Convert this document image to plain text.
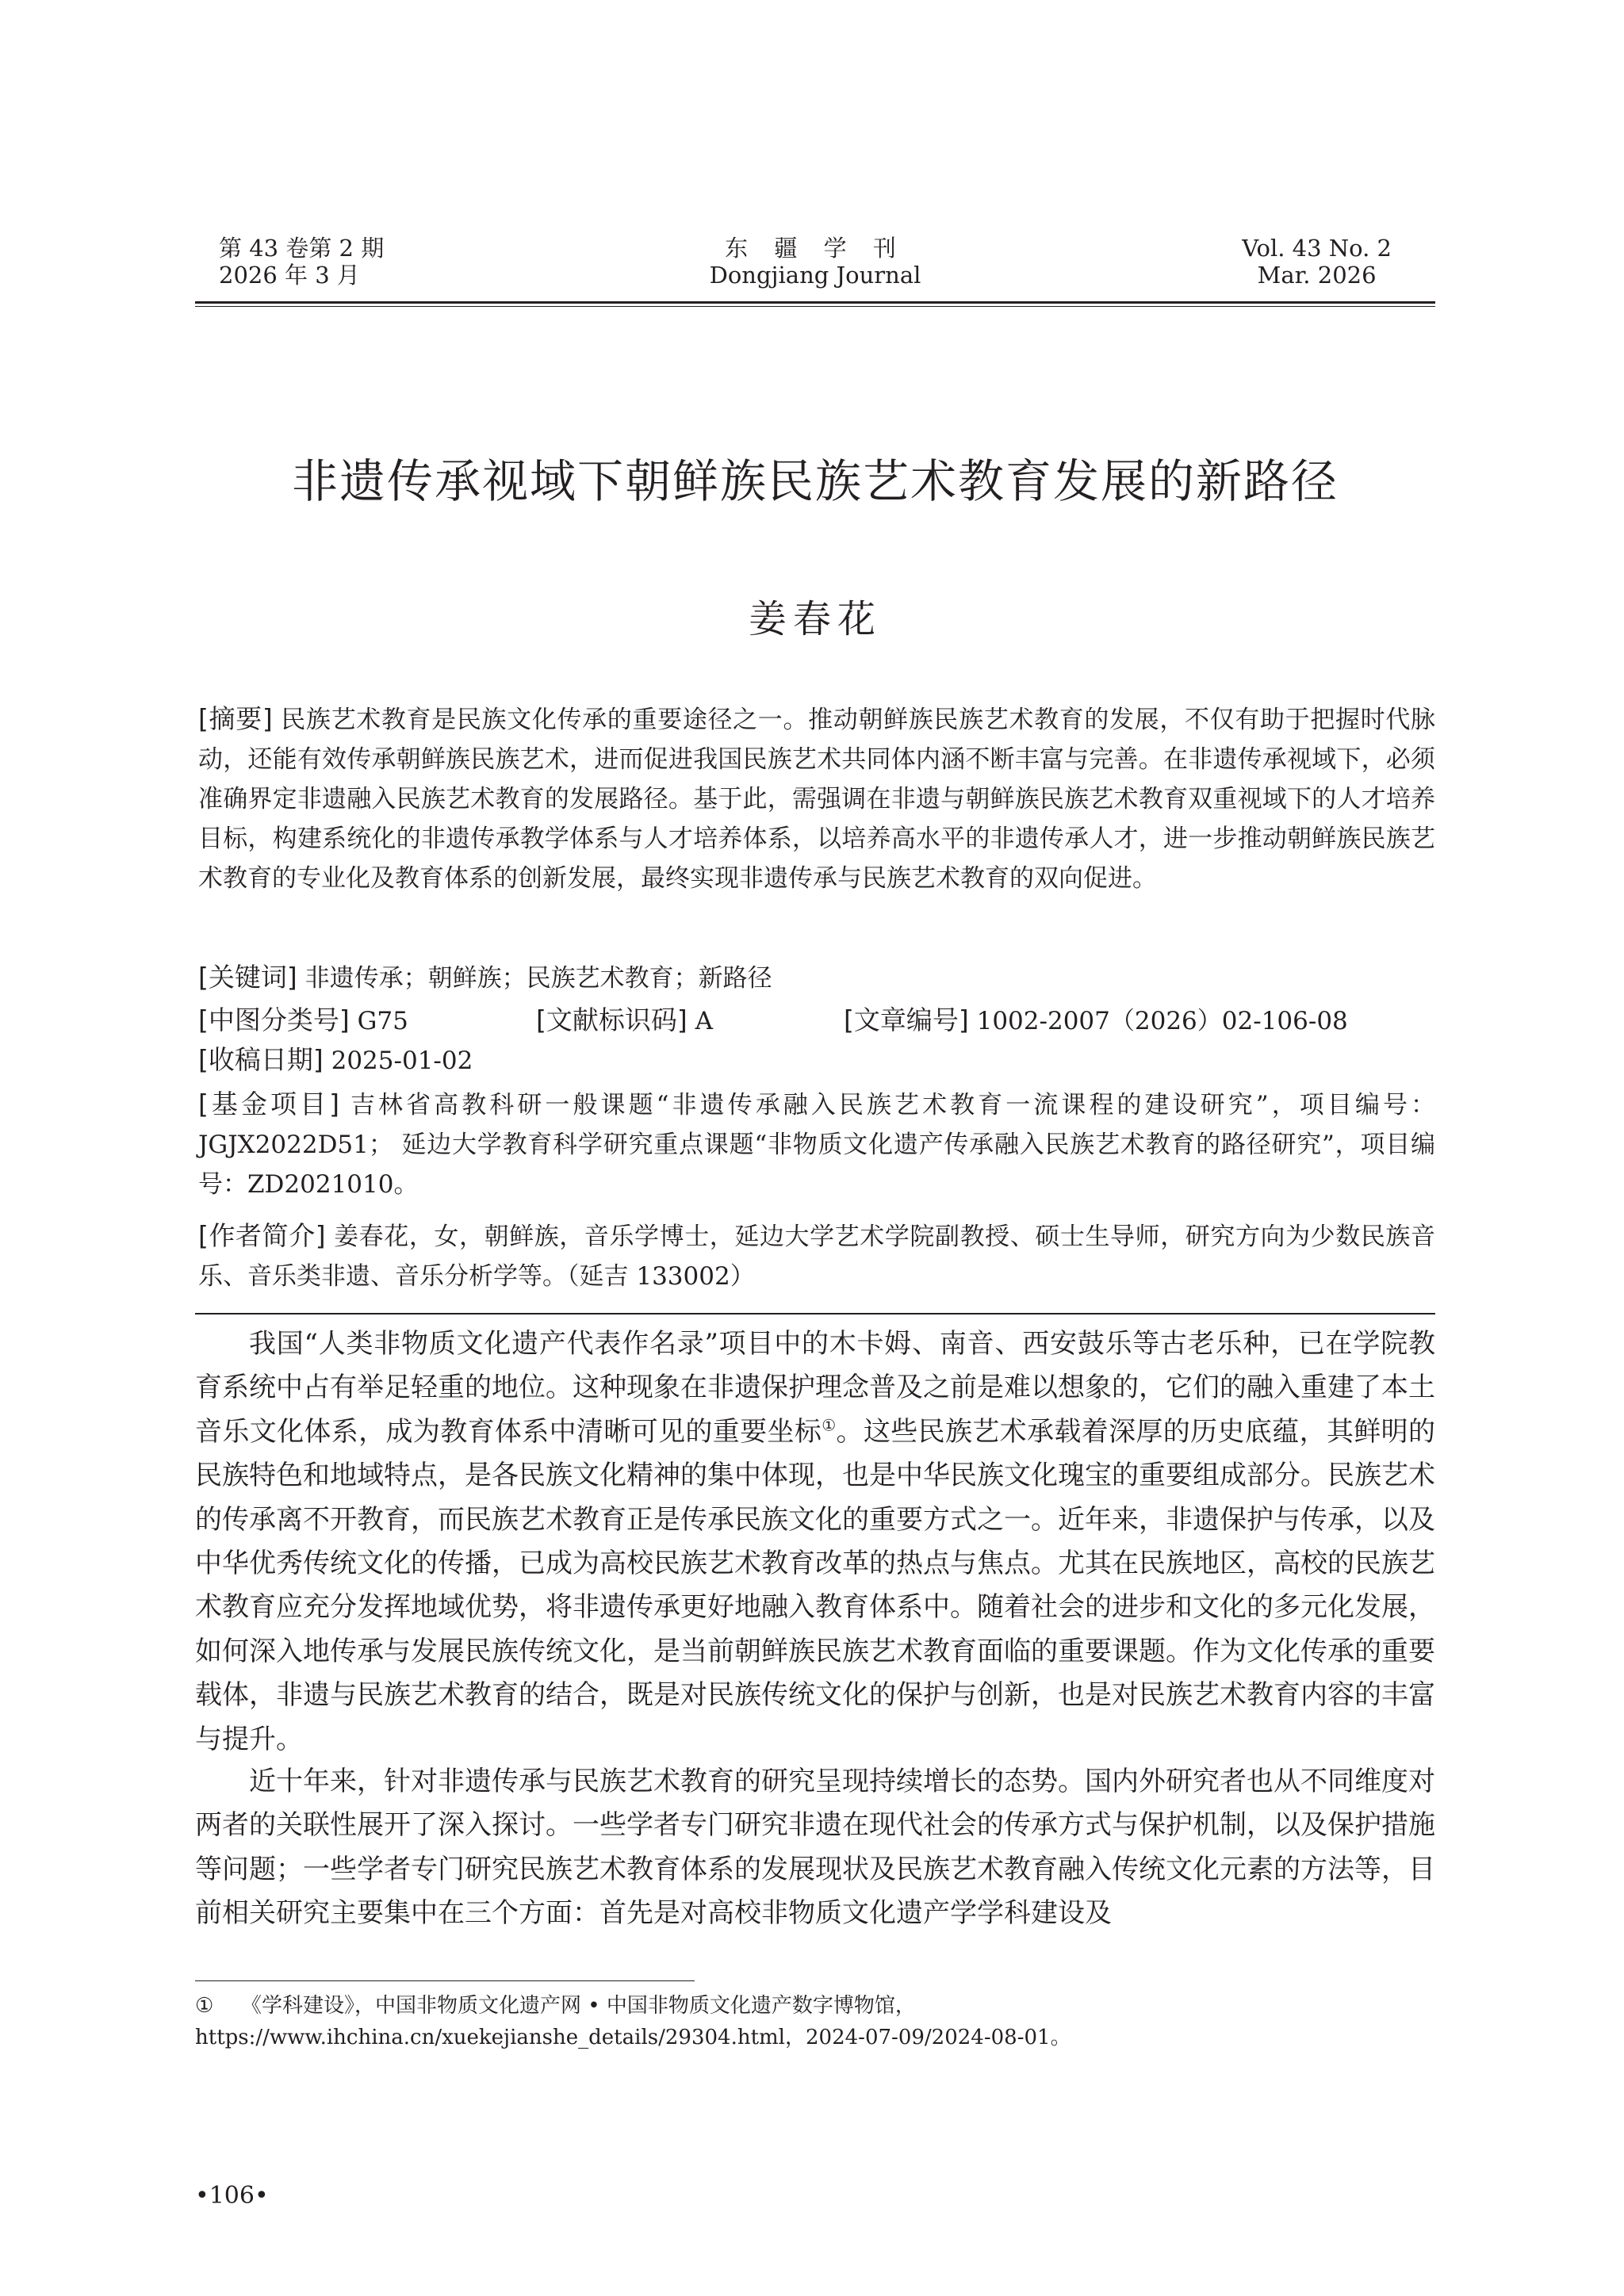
第 43 卷第 2 期
2026 年 3 月
东 疆 学 刊
Dongjiang Journal
Vol. 43 No. 2
Mar. 2026
非遗传承视域下朝鲜族民族艺术教育发展的新路径
姜春花
[摘要] 民族艺术教育是民族文化传承的重要途径之一。推动朝鲜族民族艺术教育的发展，不仅有助于把握时代脉动，还能有效传承朝鲜族民族艺术，进而促进我国民族艺术共同体内涵不断丰富与完善。在非遗传承视域下，必须准确界定非遗融入民族艺术教育的发展路径。基于此，需强调在非遗与朝鲜族民族艺术教育双重视域下的人才培养目标，构建系统化的非遗传承教学体系与人才培养体系，以培养高水平的非遗传承人才，进一步推动朝鲜族民族艺术教育的专业化及教育体系的创新发展，最终实现非遗传承与民族艺术教育的双向促进。
[关键词] 非遗传承；朝鲜族；民族艺术教育；新路径
[中图分类号] G75	[文献标识码] A	[文章编号] 1002-2007（2026）02-106-08
[收稿日期] 2025-01-02
[基金项目] 吉林省高教科研一般课题“非遗传承融入民族艺术教育一流课程的建设研究”，项目编号：JGJX2022D51； 延边大学教育科学研究重点课题“非物质文化遗产传承融入民族艺术教育的路径研究”，项目编号：ZD2021010。
[作者简介] 姜春花，女，朝鲜族，音乐学博士，延边大学艺术学院副教授、硕士生导师，研究方向为少数民族音乐、音乐类非遗、音乐分析学等。（延吉 133002）

我国“人类非物质文化遗产代表作名录”项目中的木卡姆、南音、西安鼓乐等古老乐种，已在学院教育系统中占有举足轻重的地位。这种现象在非遗保护理念普及之前是难以想象的，它们的融入重建了本土音乐文化体系，成为教育体系中清晰可见的重要坐标①。这些民族艺术承载着深厚的历史底蕴，其鲜明的民族特色和地域特点，是各民族文化精神的集中体现，也是中华民族文化瑰宝的重要组成部分。民族艺术的传承离不开教育，而民族艺术教育正是传承民族文化的重要方式之一。近年来，非遗保护与传承，以及中华优秀传统文化的传播，已成为高校民族艺术教育改革的热点与焦点。尤其在民族地区，高校的民族艺术教育应充分发挥地域优势，将非遗传承更好地融入教育体系中。随着社会的进步和文化的多元化发展，如何深入地传承与发展民族传统文化，是当前朝鲜族民族艺术教育面临的重要课题。作为文化传承的重要载体，非遗与民族艺术教育的结合，既是对民族传统文化的保护与创新，也是对民族艺术教育内容的丰富与提升。

近十年来，针对非遗传承与民族艺术教育的研究呈现持续增长的态势。国内外研究者也从不同维度对两者的关联性展开了深入探讨。一些学者专门研究非遗在现代社会的传承方式与保护机制，以及保护措施等问题；一些学者专门研究民族艺术教育体系的发展现状及民族艺术教育融入传统文化元素的方法等，目前相关研究主要集中在三个方面：首先是对高校非物质文化遗产学学科建设及

① 《学科建设》，中国非物质文化遗产网 • 中国非物质文化遗产数字博物馆，https://www.ihchina.cn/xuekejianshe_details/29304.html，2024-07-09/2024-08-01。
•106•
